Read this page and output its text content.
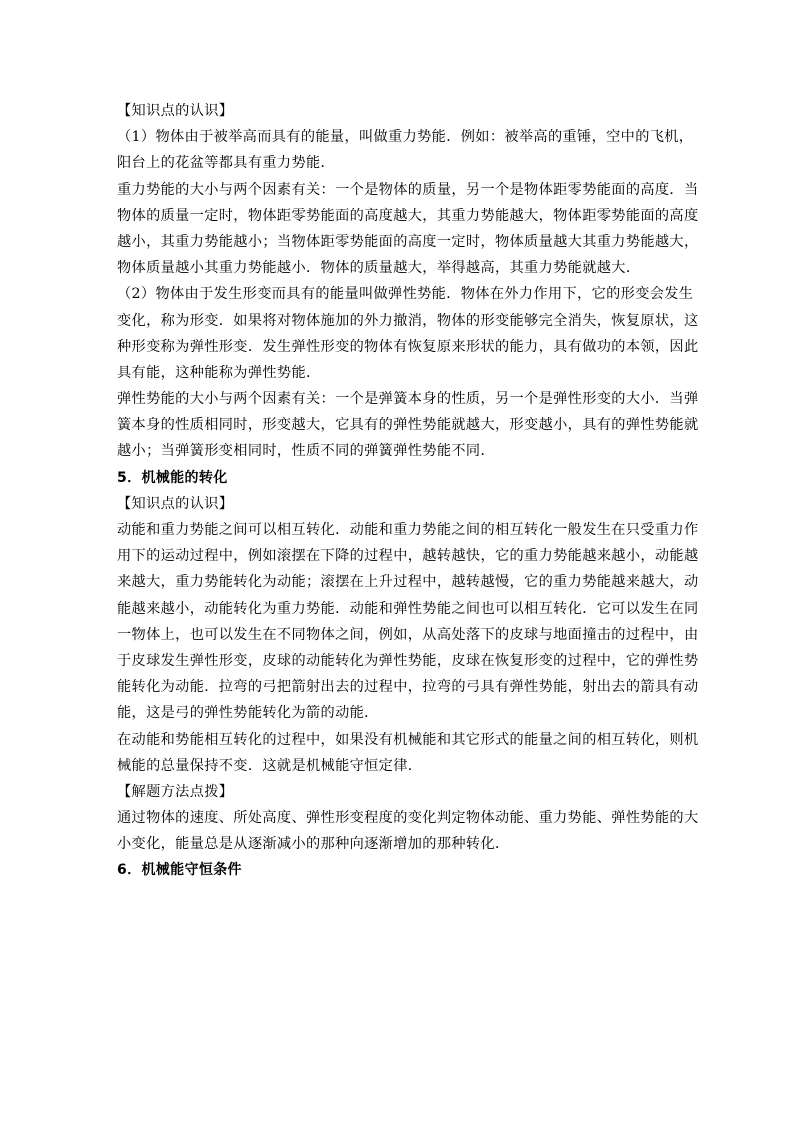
【知识点的认识】
（1）物体由于被举高而具有的能量，叫做重力势能．例如：被举高的重锤，空中的飞机，
阳台上的花盆等都具有重力势能．
重力势能的大小与两个因素有关：一个是物体的质量，另一个是物体距零势能面的高度．当
物体的质量一定时，物体距零势能面的高度越大，其重力势能越大，物体距零势能面的高度
越小，其重力势能越小；当物体距零势能面的高度一定时，物体质量越大其重力势能越大，
物体质量越小其重力势能越小．物体的质量越大，举得越高，其重力势能就越大．
（2）物体由于发生形变而具有的能量叫做弹性势能．物体在外力作用下，它的形变会发生
变化，称为形变．如果将对物体施加的外力撤消，物体的形变能够完全消失，恢复原状，这
种形变称为弹性形变．发生弹性形变的物体有恢复原来形状的能力，具有做功的本领，因此
具有能，这种能称为弹性势能．
弹性势能的大小与两个因素有关：一个是弹簧本身的性质，另一个是弹性形变的大小．当弹
簧本身的性质相同时，形变越大，它具有的弹性势能就越大，形变越小，具有的弹性势能就
越小；当弹簧形变相同时，性质不同的弹簧弹性势能不同．
5．机械能的转化
【知识点的认识】
动能和重力势能之间可以相互转化．动能和重力势能之间的相互转化一般发生在只受重力作
用下的运动过程中，例如滚摆在下降的过程中，越转越快，它的重力势能越来越小，动能越
来越大，重力势能转化为动能；滚摆在上升过程中，越转越慢，它的重力势能越来越大，动
能越来越小，动能转化为重力势能．动能和弹性势能之间也可以相互转化．它可以发生在同
一物体上，也可以发生在不同物体之间，例如，从高处落下的皮球与地面撞击的过程中，由
于皮球发生弹性形变，皮球的动能转化为弹性势能，皮球在恢复形变的过程中，它的弹性势
能转化为动能．拉弯的弓把箭射出去的过程中，拉弯的弓具有弹性势能，射出去的箭具有动
能，这是弓的弹性势能转化为箭的动能．
在动能和势能相互转化的过程中，如果没有机械能和其它形式的能量之间的相互转化，则机
械能的总量保持不变．这就是机械能守恒定律．
【解题方法点拨】
通过物体的速度、所处高度、弹性形变程度的变化判定物体动能、重力势能、弹性势能的大
小变化，能量总是从逐渐减小的那种向逐渐增加的那种转化．
6．机械能守恒条件
